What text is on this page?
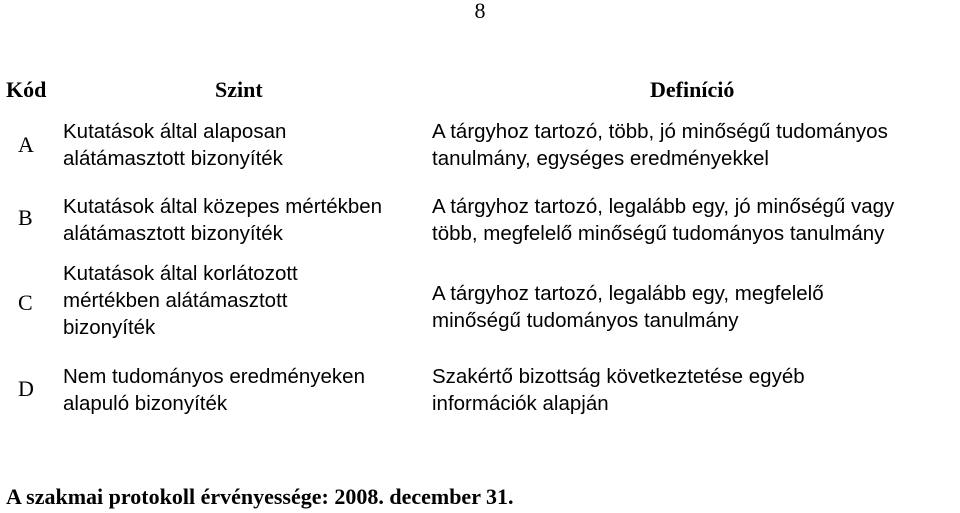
8
Kód	Szint	Definíció
A
Kutatások által alaposan
alátámasztott bizonyíték
A tárgyhoz tartozó, több, jó minőségű tudományos
tanulmány, egységes eredményekkel
B Kutatások által közepes mértékben
alátámasztott bizonyíték
A tárgyhoz tartozó, legalább egy, jó minőségű vagy
több, megfelelő minőségű tudományos tanulmány
C
Kutatások által korlátozott
mértékben alátámasztott
bizonyíték
A tárgyhoz tartozó, legalább egy, megfelelő
minőségű tudományos tanulmány
D Nem tudományos eredményeken
alapuló bizonyíték
Szakértő bizottság következtetése egyéb
információk alapján
A szakmai protokoll érvényessége: 2008. december 31.
